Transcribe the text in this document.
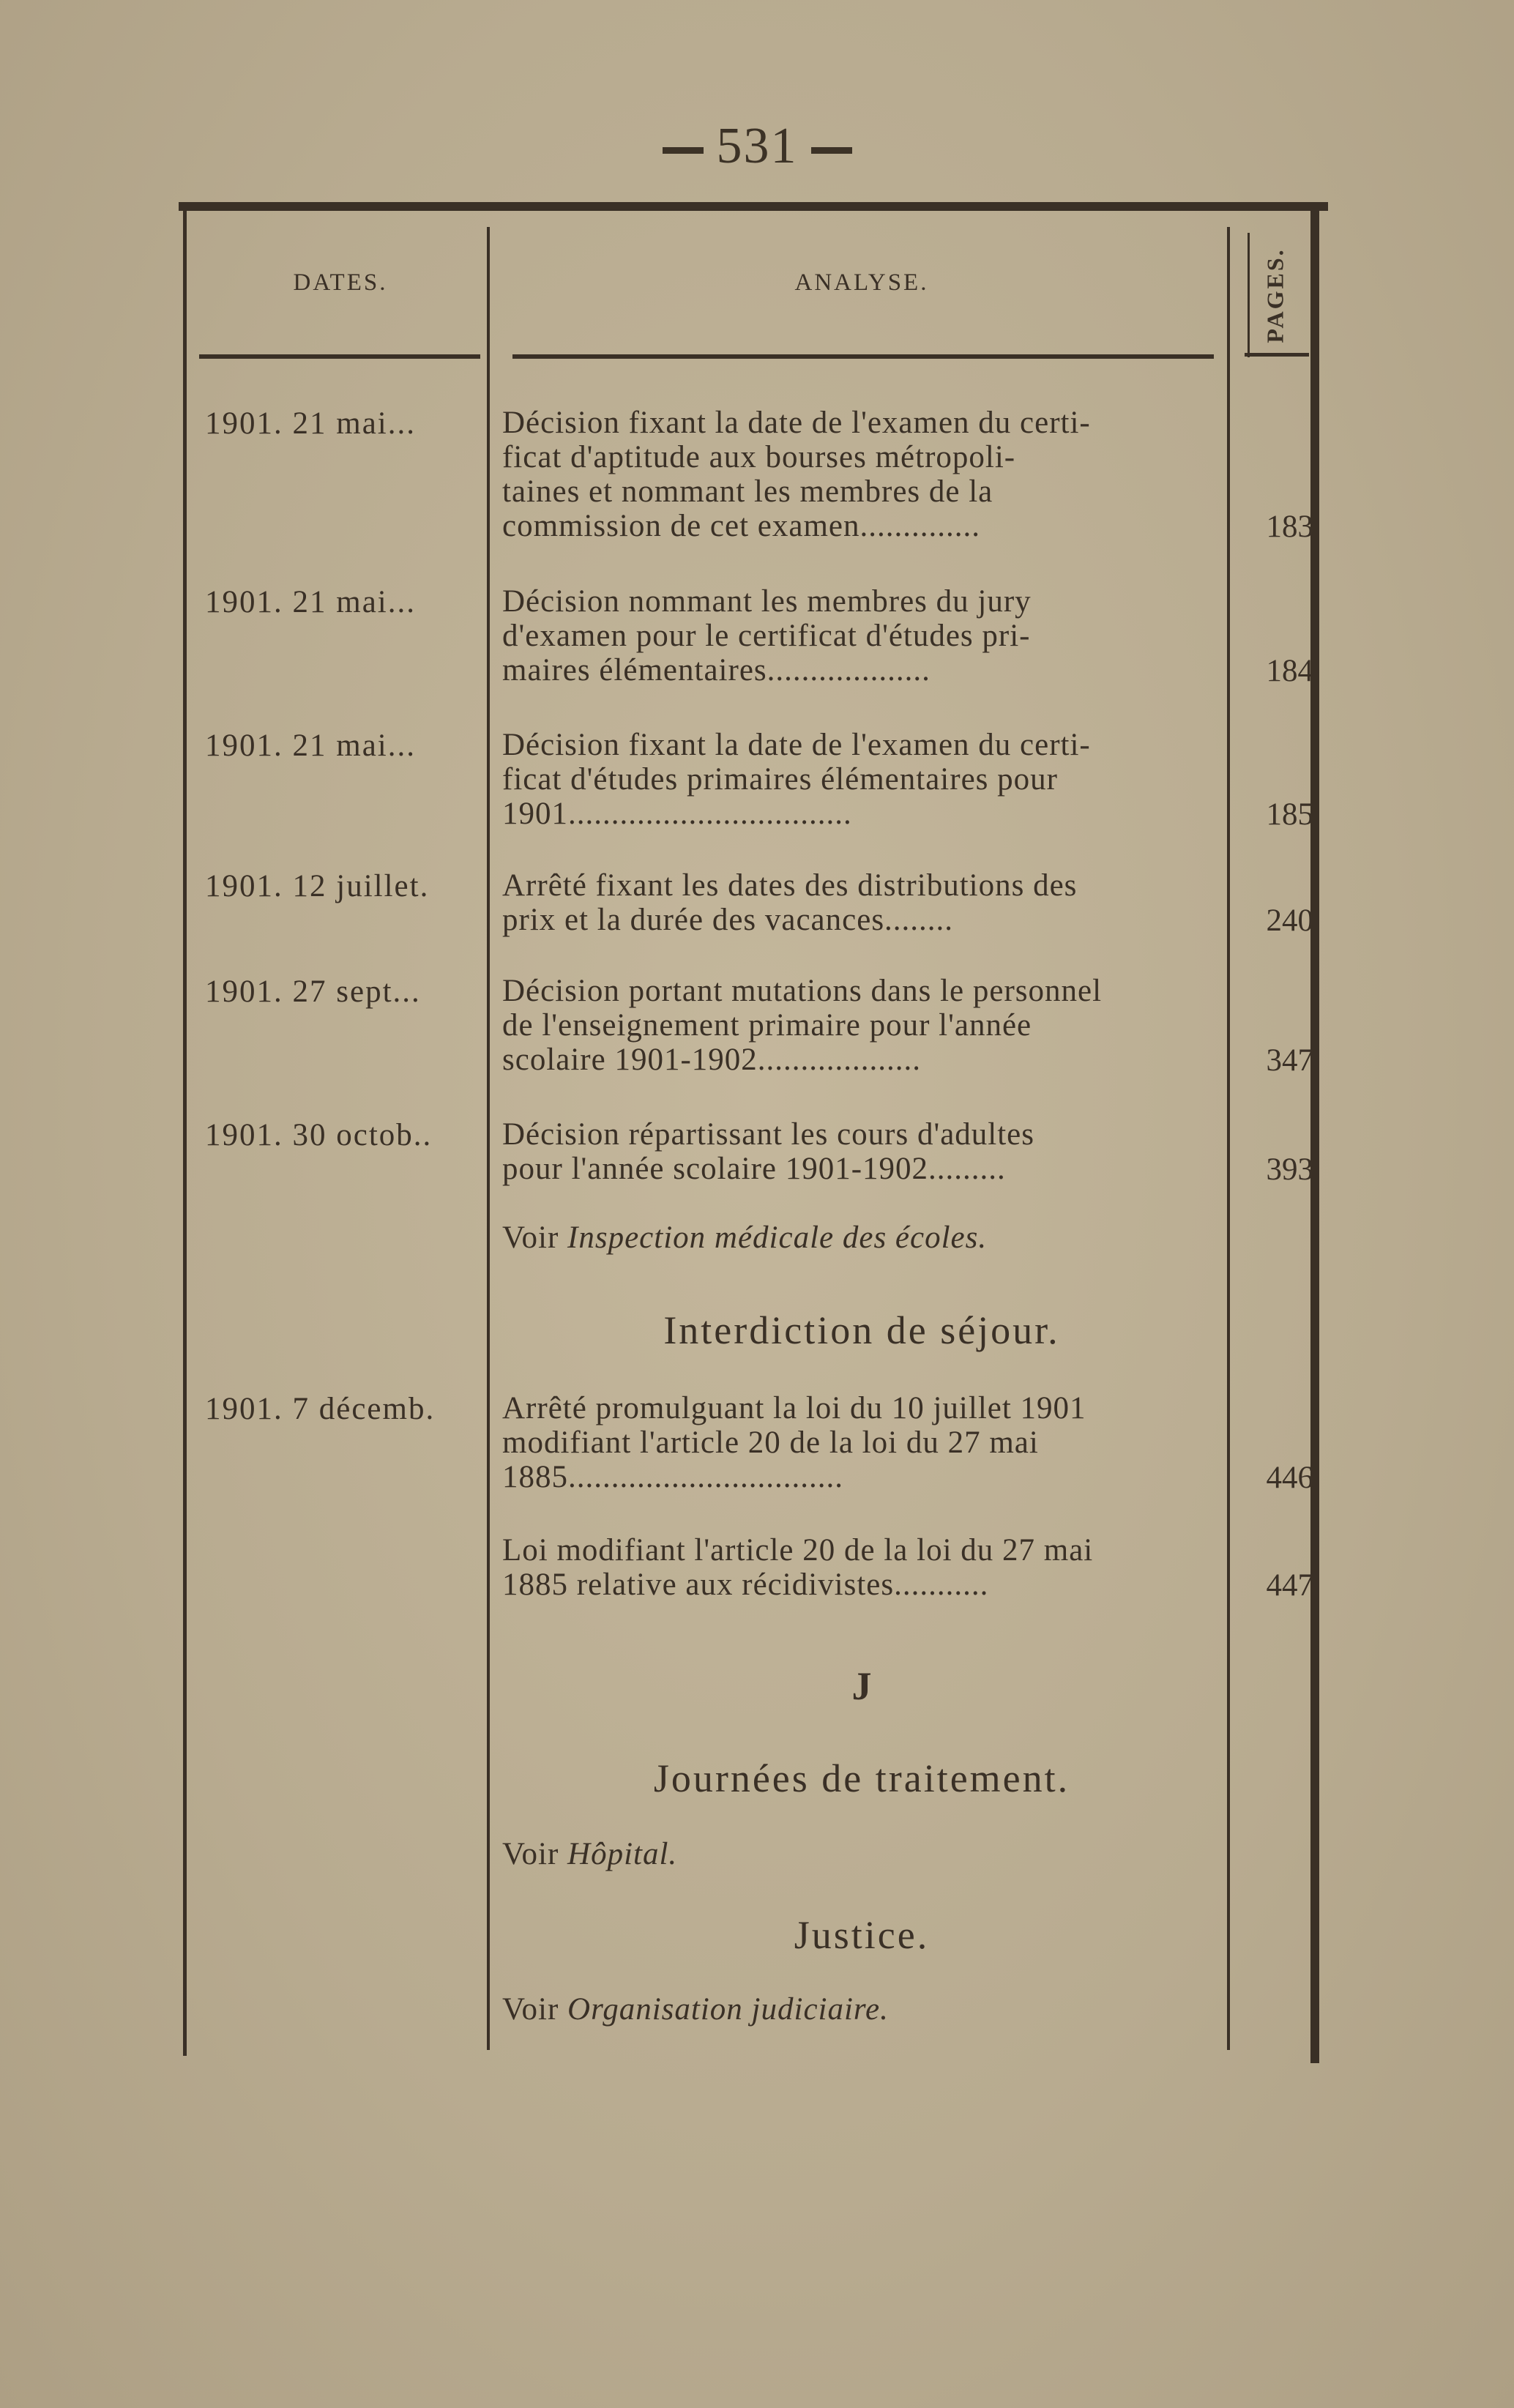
531
DATES.	ANALYSE.	PAGES.
1901. 21 mai...	Décision fixant la date de l'examen du certi-
ficat d'aptitude aux bourses métropoli-
taines et nommant les membres de la
commission de cet examen..............	183
1901. 21 mai...	Décision nommant les membres du jury
d'examen pour le certificat d'études pri-
maires élémentaires...................	184
1901. 21 mai...	Décision fixant la date de l'examen du certi-
ficat d'études primaires élémentaires pour
1901.................................	185
1901. 12 juillet.	Arrêté fixant les dates des distributions des
prix et la durée des vacances........	240
1901. 27 sept...	Décision portant mutations dans le personnel
de l'enseignement primaire pour l'année
scolaire 1901-1902...................	347
1901. 30 octob..	Décision répartissant les cours d'adultes
pour l'année scolaire 1901-1902.........	393
Voir Inspection médicale des écoles.
Interdiction de séjour.
1901. 7 décemb.	Arrêté promulguant la loi du 10 juillet 1901
modifiant l'article 20 de la loi du 27 mai
1885................................	446
Loi modifiant l'article 20 de la loi du 27 mai
1885 relative aux récidivistes...........	447
J
Journées de traitement.
Voir Hôpital.
Justice.
Voir Organisation judiciaire.
